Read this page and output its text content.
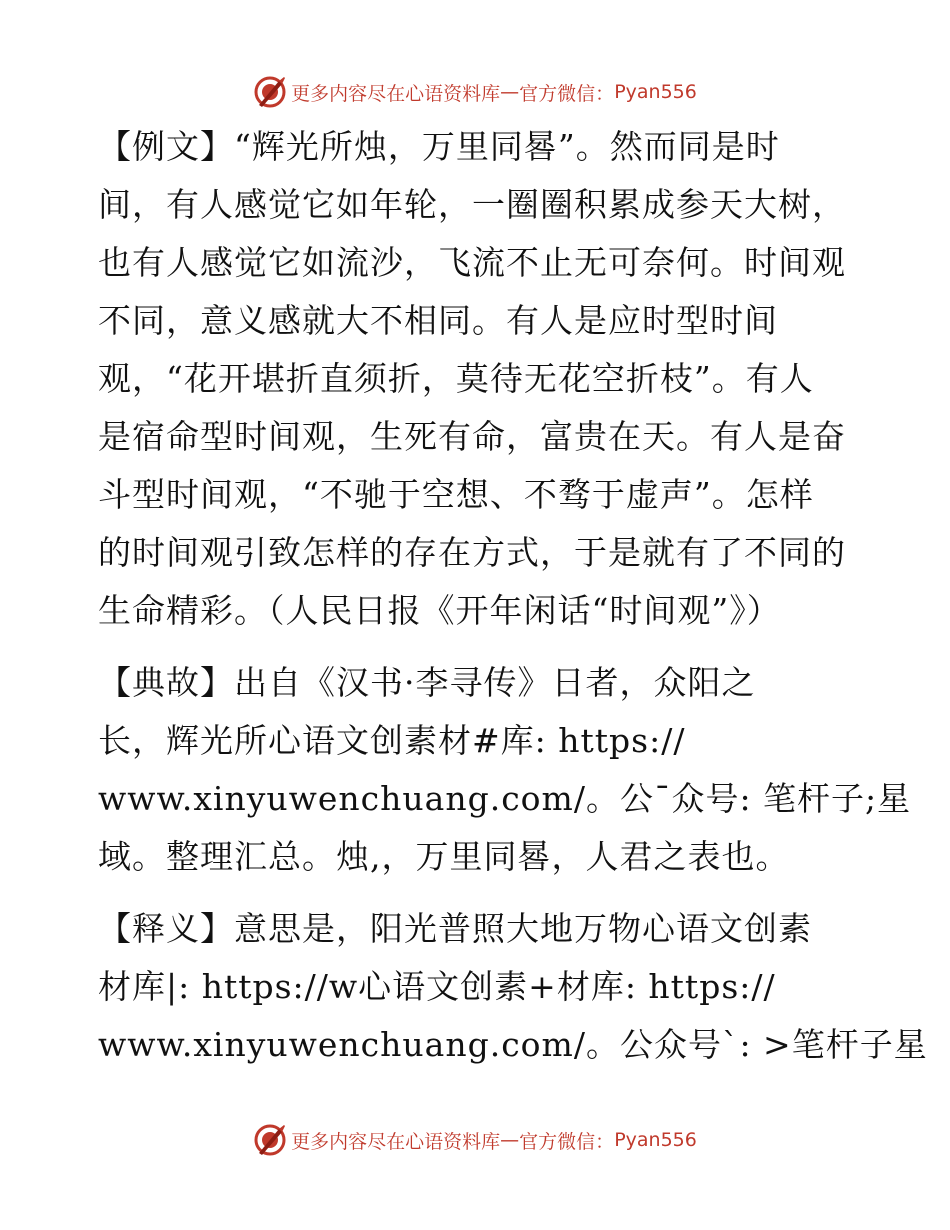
更多内容尽在心语资料库 — 官方微信： Pyan556

【例文】“辉光所烛，万里同晷”。然而同是时
间，有人感觉它如年轮，一圈圈积累成参天大树，
也有人感觉它如流沙，飞流不止无可奈何。时间观
不同，意义感就大不相同。有人是应时型时间
观，“花开堪折直须折，莫待无花空折枝”。有人
是宿命型时间观，生死有命，富贵在天。有人是奋
斗型时间观，“不驰于空想、不骛于虚声”。怎样
的时间观引致怎样的存在方式，于是就有了不同的
生命精彩。（人民日报《开年闲话“时间观”》）

【典故】出自《汉书·李寻传》日者，众阳之
长，辉光所心语文创素材#库: https://
www.xinyuwenchuang.com/。公¯众号: 笔杆子;星
域。整理汇总。烛,，万里同晷，人君之表也。

【释义】意思是，阳光普照大地万物心语文创素
材库|: https://w心语文创素+材库: https://
www.xinyuwenchuang.com/。公众号`: >笔杆子星

更多内容尽在心语资料库 — 官方微信： Pyan556
